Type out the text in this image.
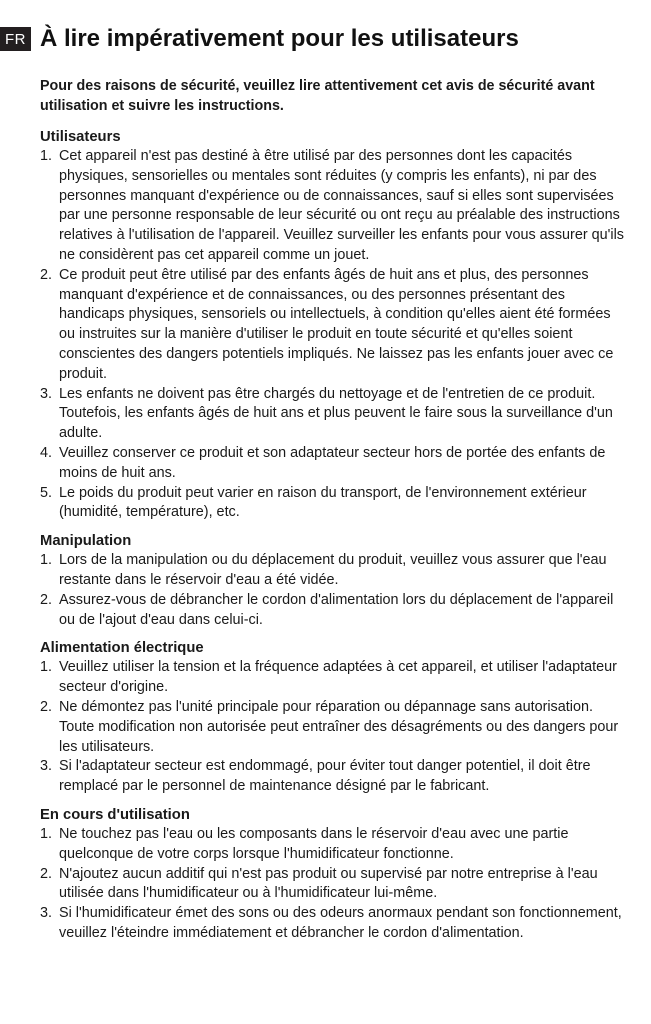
FR À lire impérativement pour les utilisateurs

Pour des raisons de sécurité, veuillez lire attentivement cet avis de sécurité avant utilisation et suivre les instructions.

Utilisateurs
1. Cet appareil n'est pas destiné à être utilisé par des personnes dont les capacités physiques, sensorielles ou mentales sont réduites (y compris les enfants), ni par des personnes manquant d'expérience ou de connaissances, sauf si elles sont supervisées par une personne responsable de leur sécurité ou ont reçu au préalable des instructions relatives à l'utilisation de l'appareil. Veuillez surveiller les enfants pour vous assurer qu'ils ne considèrent pas cet appareil comme un jouet.
2. Ce produit peut être utilisé par des enfants âgés de huit ans et plus, des personnes manquant d'expérience et de connaissances, ou des personnes présentant des handicaps physiques, sensoriels ou intellectuels, à condition qu'elles aient été formées ou instruites sur la manière d'utiliser le produit en toute sécurité et qu'elles soient conscientes des dangers potentiels impliqués. Ne laissez pas les enfants jouer avec ce produit.
3. Les enfants ne doivent pas être chargés du nettoyage et de l'entretien de ce produit. Toutefois, les enfants âgés de huit ans et plus peuvent le faire sous la surveillance d'un adulte.
4. Veuillez conserver ce produit et son adaptateur secteur hors de portée des enfants de moins de huit ans.
5. Le poids du produit peut varier en raison du transport, de l'environnement extérieur (humidité, température), etc.
Manipulation
1. Lors de la manipulation ou du déplacement du produit, veuillez vous assurer que l'eau restante dans le réservoir d'eau a été vidée.
2. Assurez-vous de débrancher le cordon d'alimentation lors du déplacement de l'appareil ou de l'ajout d'eau dans celui-ci.
Alimentation électrique
1. Veuillez utiliser la tension et la fréquence adaptées à cet appareil, et utiliser l'adaptateur secteur d'origine.
2. Ne démontez pas l'unité principale pour réparation ou dépannage sans autorisation. Toute modification non autorisée peut entraîner des désagréments ou des dangers pour les utilisateurs.
3. Si l'adaptateur secteur est endommagé, pour éviter tout danger potentiel, il doit être remplacé par le personnel de maintenance désigné par le fabricant.
En cours d'utilisation
1. Ne touchez pas l'eau ou les composants dans le réservoir d'eau avec une partie quelconque de votre corps lorsque l'humidificateur fonctionne.
2. N'ajoutez aucun additif qui n'est pas produit ou supervisé par notre entreprise à l'eau utilisée dans l'humidificateur ou à l'humidificateur lui-même.
3. Si l'humidificateur émet des sons ou des odeurs anormaux pendant son fonctionnement, veuillez l'éteindre immédiatement et débrancher le cordon d'alimentation.
